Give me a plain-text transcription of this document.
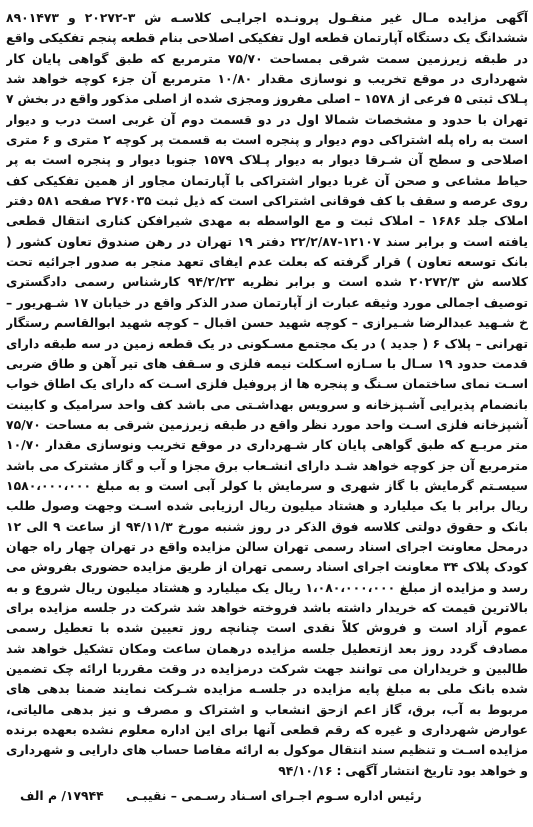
آگهی مزایده مـال غیر منقـول پرونـده اجرایـی کلاسـه ش ۳-۲۰۲۷۲ و ۸۹۰۱۴۷۳ ششدانگ یک دستگاه آپارتمان قطعه اول تفکیکی اصلاحی بنام قطعه پنجم تفکیکی واقع در طبقه زیرزمین سمت شرقی بمساحت ۷۵/۷۰ مترمربع که طبق گواهی پایان کار شهرداری در موقع تخریب و نوسازی مقدار ۱۰/۸۰ مترمربع آن جزء کوچه خواهد شد پـلاک ثبتی ۵ فرعی از ۱۵۷۸ – اصلی مفروز ومجزی شده از اصلی مذکور واقع در بخش ۷ تهران با حدود و مشخصات شمالا اول در دو قسمت دوم آن غربی است درب و دیوار است به راه پله اشتراکی دوم دیوار و پنجره است به قسمت پر کوچه ۲ متری و ۶ متری اصلاحی و سطح آن شـرقا دیوار به دیوار پـلاک ۱۵۷۹ جنوبا دیوار و پنجره است به پر حیاط مشاعی و صحن آن غربا دیوار اشتراکی با آپارتمان مجاور از همین تفکیکی کف روی عرصه و سقف با کف فوقانی اشتراکی است که ذیل ثبت ۲۷۶۰۳۵ صفحه ۵۸۱ دفتر املاک جلد ۱۶۸۶ – املاک ثبت و مع الواسطه به مهدی شیرافکن کناری انتقال قطعی یافته است و برابر سند ۱۲۱۰۷-۲۲/۲/۸۷ دفتر ۱۹ تهران در رهن صندوق تعاون کشور ( بانک توسعه تعاون ) قرار گرفته که بعلت عدم ایفای تعهد منجر به صدور اجرائیه تحت کلاسه ش ۲۰۲۷۲/۳ شده است و برابر نظریه ۹۴/۲/۲۳ کارشناس رسمی دادگستری توصیف اجمالی مورد وثیقه عبارت از آپارتمان صدر الذکر واقع در خیابان ۱۷ شـهریور – خ شـهید عبدالرضا شـیرازی – کوچه شهید حسن اقبال – کوچه شهید ابوالقاسم رستگار تهرانی – پلاک ۶ ( جدید ) در یک مجتمع مسـکونی در یک قطعه زمین در سه طبقه دارای قدمت حدود ۱۹ سـال با سـازه اسـکلت نیمه فلزی و سـقف های تیر آهن و طاق ضربی اسـت نمای ساختمان سـنگ و پنجره ها از پروفیل فلزی اسـت که دارای یک اطاق خواب بانضمام پذیرایی آشـپزخانه و سرویس بهداشـتی می باشد کف واحد سرامیک و کابینت آشپزخانه فلزی اسـت واحد مورد نظر واقع در طبقه زیرزمین شرقی به مساحت ۷۵/۷۰ متر مربـع که طبق گواهی پایان کار شـهرداری در موقع تخریب ونوسازی مقدار ۱۰/۷۰ مترمربع آن جز کوچه خواهد شـد دارای انشـعاب برق مجزا و آب و گاز مشترک می باشد سیسـتم گرمایش با گاز شهری و سرمایش با کولر آبی است و به مبلغ ۱۵۸۰،۰۰۰،۰۰۰ ریال برابر با یک میلیارد و هشتاد میلیون ریال ارزیابی شده اسـت وجهت وصول طلب بانک و حقوق دولتی کلاسه فوق الذکر در روز شنبه مورخ ۹۴/۱۱/۳ از ساعت ۹ الی ۱۲ درمحل معاونت اجرای اسناد رسمی تهران سالن مزایده واقع در تهران چهار راه جهان کودک پلاک ۳۴ معاونت اجرای اسناد رسمی تهران از طریق مزایده حضوری بفروش می رسد و مزایده از مبلغ ۱،۰۸۰،۰۰۰،۰۰۰ ریال یک میلیارد و هشتاد میلیون ریال شروع و به بالاترین قیمت که خریدار داشته باشد فروخته خواهد شد شرکت در جلسه مزایده برای عموم آزاد است و فروش کلاً نقدی است چنانچه روز تعیین شده با تعطیل رسمی مصادف گردد روز بعد ازتعطیل جلسه مزایده درهمان ساعت ومکان تشکیل خواهد شد طالبین و خریداران می توانند جهت شرکت درمزایده در وقت مقرربا ارائه چک تضمین شده بانک ملی به مبلغ پایه مزایده در جلسـه مزایده شـرکت نمایند ضمنا بدهی های مربوط به آب، برق، گاز اعم ازحق انشعاب و اشتراک و مصرف و نیز بدهی مالیاتی، عوارض شهرداری و غیره که رقم قطعی آنها برای این اداره معلوم نشده بعهده برنده مزایده اسـت و تنظیم سند انتقال موکول به ارائه مفاصا حساب های دارایی و شهرداری و خواهد بود تاریخ انتشار آگهی : ۹۴/۱۰/۱۶
رئیس اداره سـوم اجـرای اسـناد رسـمی – نقیبـی
۱۷۹۴۴/ م الف
